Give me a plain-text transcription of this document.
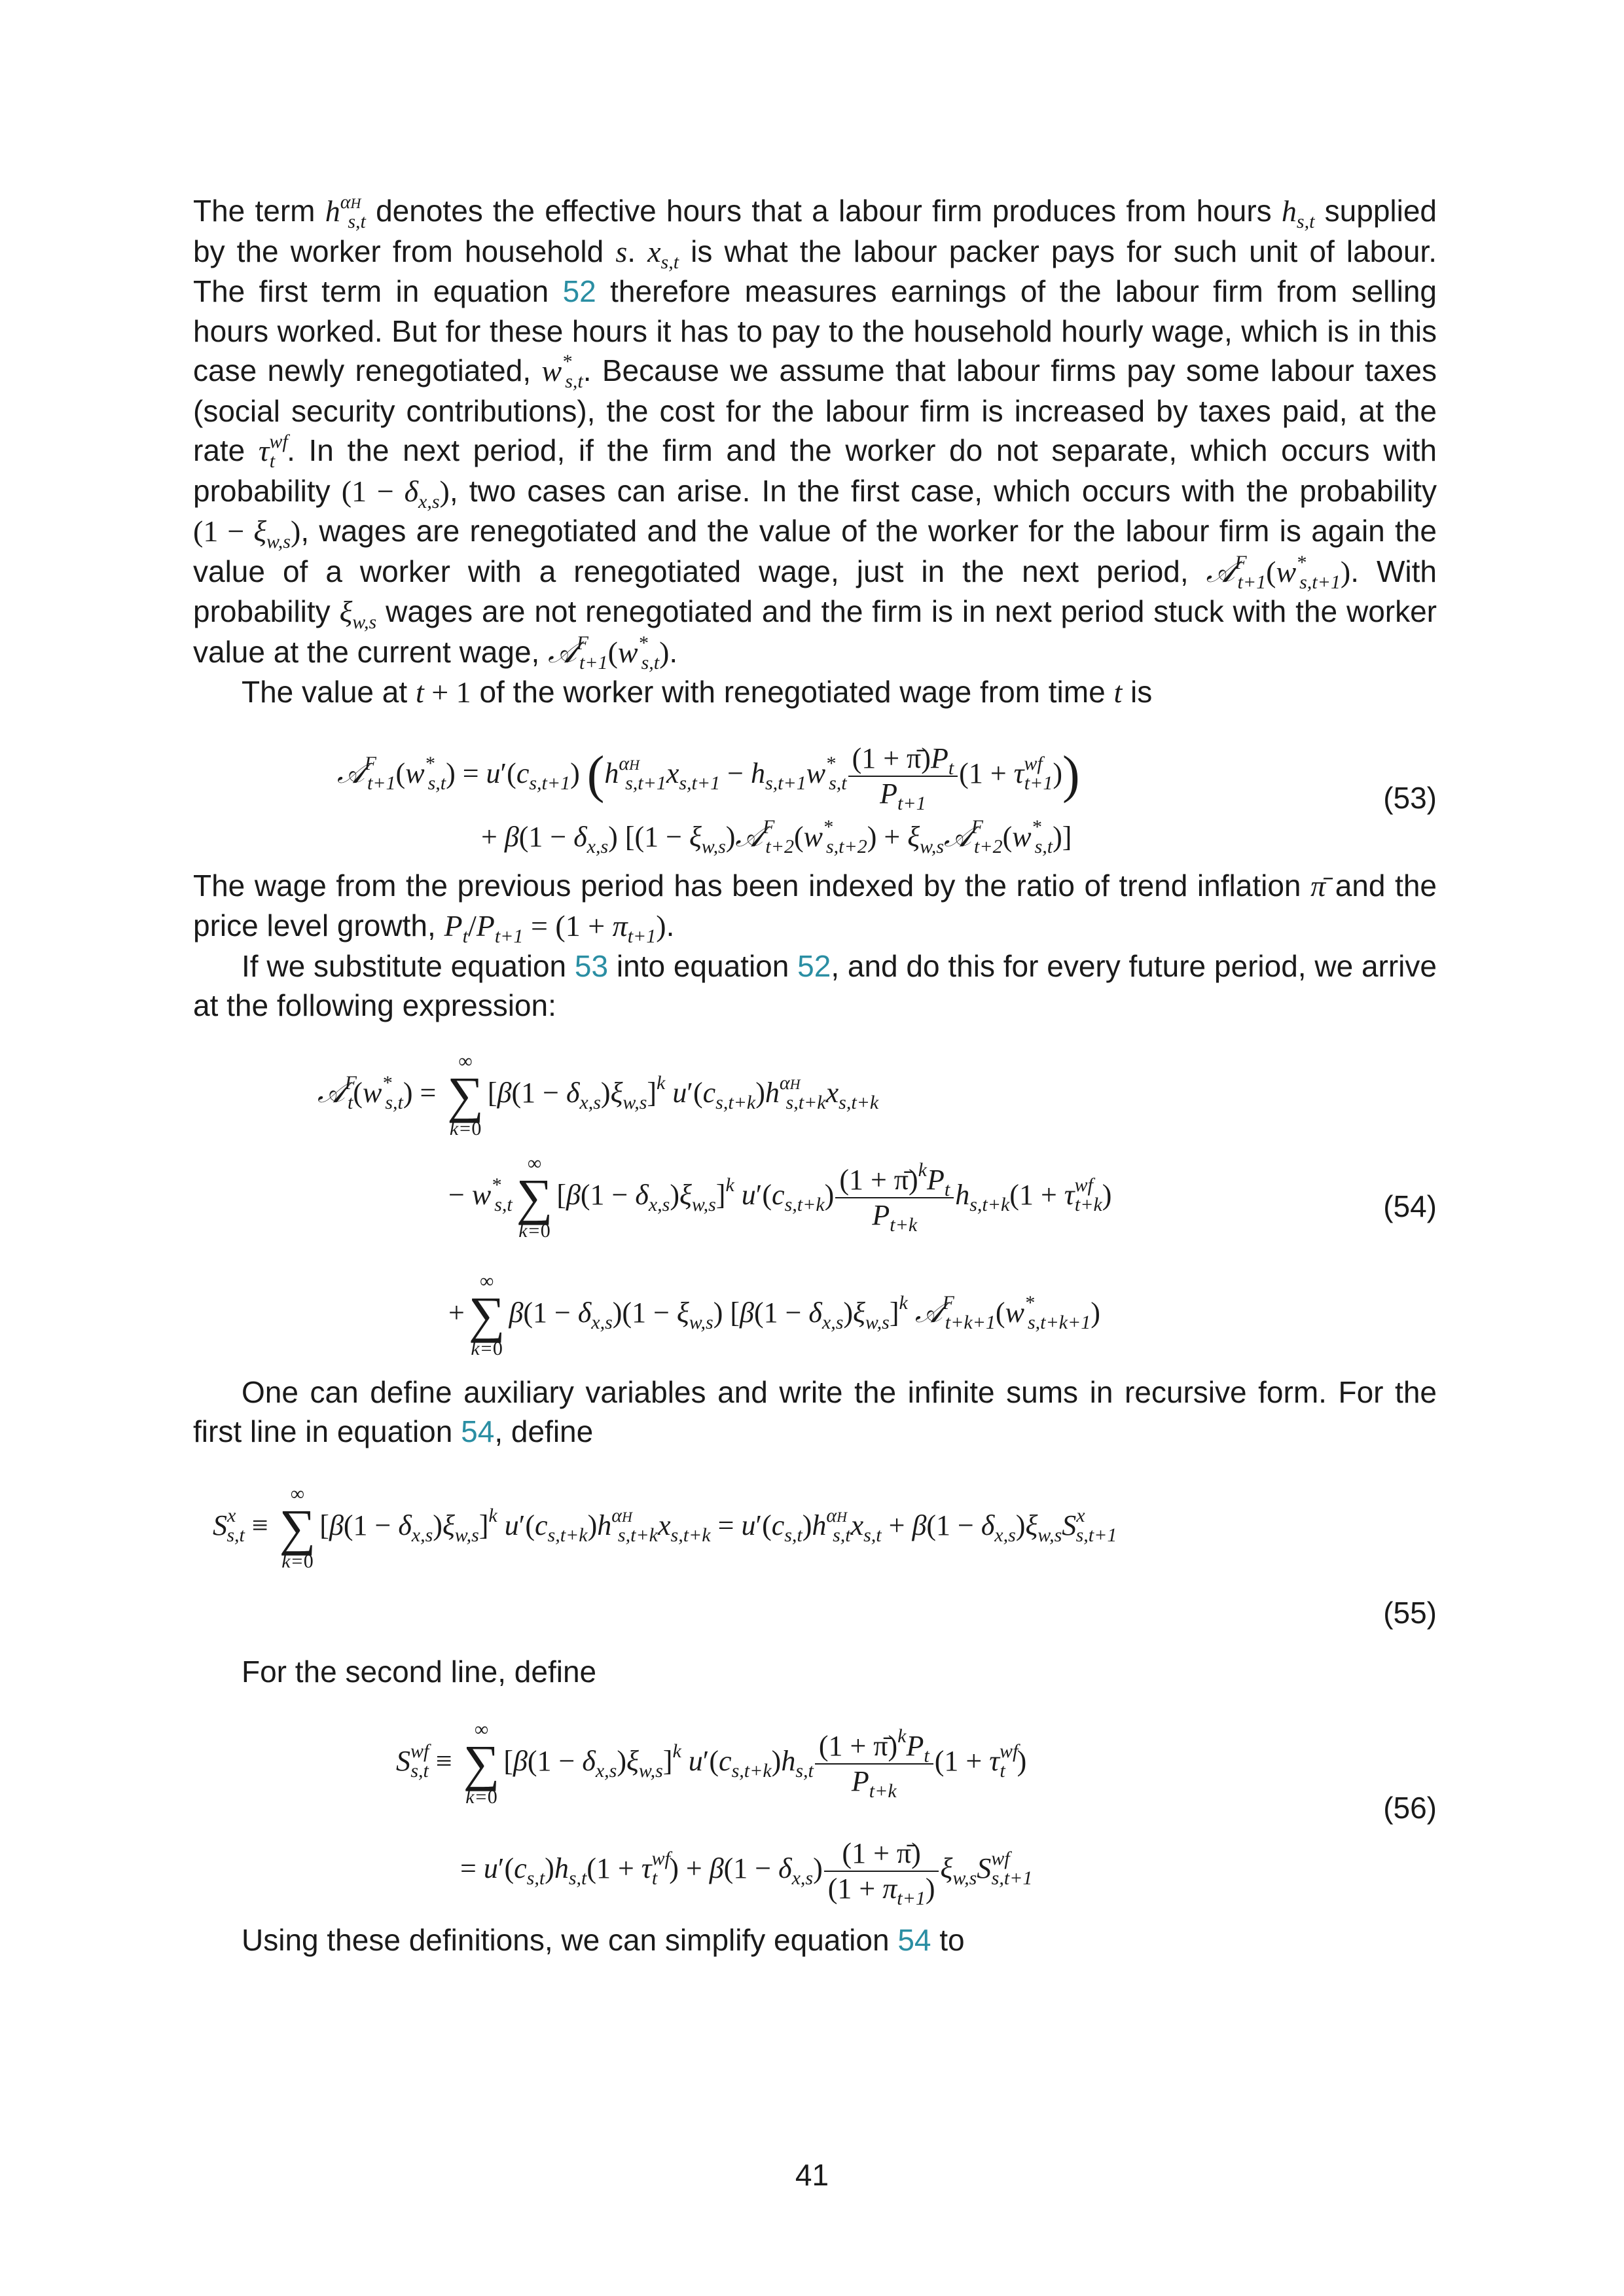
The term $h^{\alpha H}_{s,t}$ denotes the effective hours that a labour firm produces from hours $h_{s,t}$ supplied by the worker from household s. $x_{s,t}$ is what the labour packer pays for such unit of labour. The first term in equation 52 therefore measures earnings of the labour firm from selling hours worked. But for these hours it has to pay to the household hourly wage, which is in this case newly renegotiated, $w^*_{s,t}$. Because we assume that labour firms pay some labour taxes (social security contributions), the cost for the labour firm is increased by taxes paid, at the rate $\tau^{wf}_t$ . In the next period, if the firm and the worker do not separate, which occurs with probability $(1 - \delta_{x,s})$, two cases can arise. In the first case, which occurs with the probability $(1 - \xi_{w,s})$, wages are renegotiated and the value of the worker for the labour firm is again the value of a worker with a renegotiated wage, just in the next period, $𝒜^F_{t+1}(w^*_{s,t+1})$. With probability $\xi_{w,s}$ wages are not renegotiated and the firm is in next period stuck with the worker value at the current wage, $𝒜^F_{t+1}(w^*_{s,t})$.

The value at t + 1 of the worker with renegotiated wage from time t is

$𝒜^F_{t+1}(w^*_{s,t}) = u'(c_{s,t+1}) (h^{\alpha H}_{s,t+1}x_{s,t+1} - h_{s,t+1}w^*_{s,t} \frac{(1 + \pī)P_t}{P_{t+1}} (1 + \tau^{wf}_{t+1}))$
+ $\beta(1 - \delta_{x,s})$ [$(1 - \xi_{w,s})𝒜^F_{t+2}(w^*_{s,t+2})$ + $\xi_{w,s}𝒜^F_{t+2}(w^*_{s,t})$]
(53)

The wage from the previous period has been indexed by the ratio of trend inflation π̄ and the price level growth, $P_t/P_{t+1} = (1 + \pi_{t+1})$.

If we substitute equation 53 into equation 52, and do this for every future period, we arrive at the following expression:

$𝒜^F_t(w^*_{s,t})$ =
∞
∑
k=0
$[\beta(1 - \delta_{x,s})\xi_{w,s}]^k$ $u'(c_{s,t+k})h^{\alpha H}_{s,t+k}x_{s,t+k}$
− $w^*_{s,t}$
∞
∑
k=0
$[\beta(1 - \delta_{x,s})\xi_{w,s}]^k$ $u'(c_{s,t+k}) \frac{(1 + \pī)^kP_t}{P_{t+k}} h_{s,t+k}(1 + \tau^{wf}_{t+k})$
+
∞
∑
k=0
$\beta(1 - \delta_{x,s})(1 - \xi_{w,s})$ $[\beta(1 - \delta_{x,s})\xi_{w,s}]^k$ $𝒜^F_{t+k+1}(w^*_{s,t+k+1})$
(54)

One can define auxiliary variables and write the infinite sums in recursive form. For the first line in equation 54, define

$S^x_{s,t}$ ≡
∞
∑
k=0
$[\beta(1 - \delta_{x,s})\xi_{w,s}]^k$ $u'(c_{s,t+k})h^{\alpha H}_{s,t+k}x_{s,t+k} = u'(c_{s,t})h^{\alpha H}_{s,t}x_{s,t} + \beta(1 - \delta_{x,s})\xi_{w,s}S^x_{s,t+1}$
(55)

For the second line, define

$S^{wf}_{s,t}$ ≡
∞
∑
k=0
$[\beta(1 - \delta_{x,s})\xi_{w,s}]^k$ $u'(c_{s,t+k})h_{s,t} \frac{(1 + \pī)^kP_t}{P_{t+k}} (1 + \tau^{wf}_t$ )
= $u'(c_{s,t})h_{s,t}(1 + \tau^{wf}_t$ ) + $\beta(1 - \delta_{x,s}) \frac{(1 + \pī)}{(1 + \pi_{t+1})} \xi_{w,s}S^{wf}_{s,t+1}$
(56)

Using these definitions, we can simplify equation 54 to

41
